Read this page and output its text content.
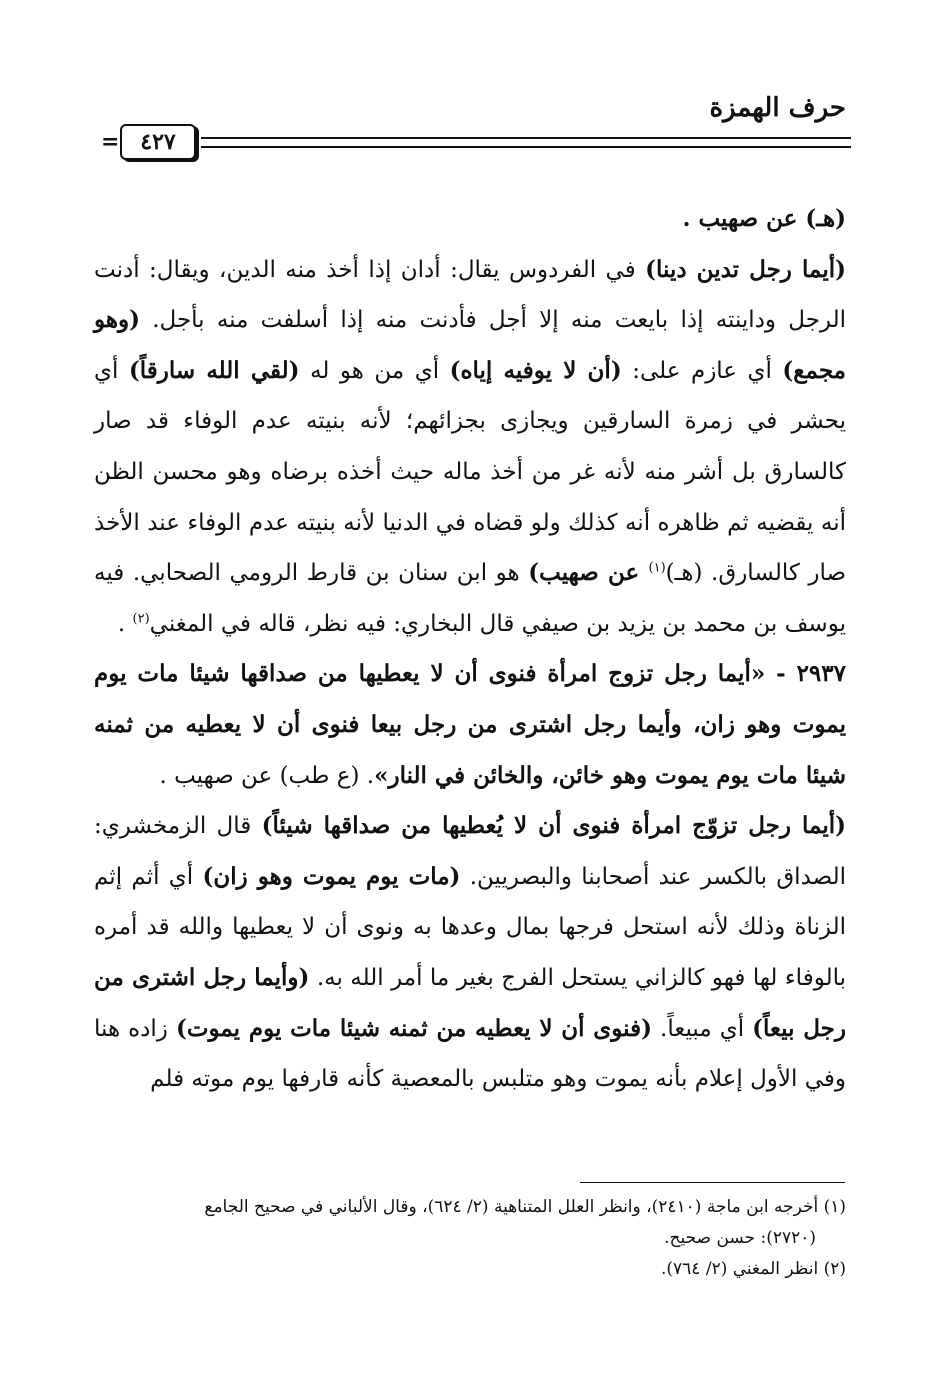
حرف الهمزة
٤٢٧
=

(هـ) عن صهيب .

(أيما رجل تدين دينا) في الفردوس يقال: أدان إذا أخذ منه الدين، ويقال: أدنت الرجل وداينته إذا بايعت منه إلا أجل فأدنت منه إذا أسلفت منه بأجل. (وهو مجمع) أي عازم على: (أن لا يوفيه إياه) أي من هو له (لقي الله سارقاً) أي يحشر في زمرة السارقين ويجازى بجزائهم؛ لأنه بنيته عدم الوفاء قد صار كالسارق بل أشر منه لأنه غر من أخذ ماله حيث أخذه برضاه وهو محسن الظن أنه يقضيه ثم ظاهره أنه كذلك ولو قضاه في الدنيا لأنه بنيته عدم الوفاء عند الأخذ صار كالسارق. (هـ)$^{(١)}$ عن صهيب) هو ابن سنان بن قارط الرومي الصحابي. فيه يوسف بن محمد بن يزيد بن صيفي قال البخاري: فيه نظر، قاله في المغني$^{(٢)}$ .

٢٩٣٧ - «أيما رجل تزوج امرأة فنوى أن لا يعطيها من صداقها شيئا مات يوم يموت وهو زان، وأيما رجل اشترى من رجل بيعا فنوى أن لا يعطيه من ثمنه شيئا مات يوم يموت وهو خائن، والخائن في النار». (ع طب) عن صهيب .

(أيما رجل تزوّج امرأة فنوى أن لا يُعطيها من صداقها شيئاً) قال الزمخشري: الصداق بالكسر عند أصحابنا والبصريين. (مات يوم يموت وهو زان) أي أثم إثم الزناة وذلك لأنه استحل فرجها بمال وعدها به ونوى أن لا يعطيها والله قد أمره بالوفاء لها فهو كالزاني يستحل الفرج بغير ما أمر الله به. (وأيما رجل اشترى من رجل بيعاً) أي مبيعاً. (فنوى أن لا يعطيه من ثمنه شيئا مات يوم يموت) زاده هنا وفي الأول إعلام بأنه يموت وهو متلبس بالمعصية كأنه قارفها يوم موته فلم

(١) أخرجه ابن ماجة (٢٤١٠)، وانظر العلل المتناهية (٢/ ٦٢٤)، وقال الألباني في صحيح الجامع

(٢٧٢٠): حسن صحيح.

(٢) انظر المغني (٢/ ٧٦٤).
